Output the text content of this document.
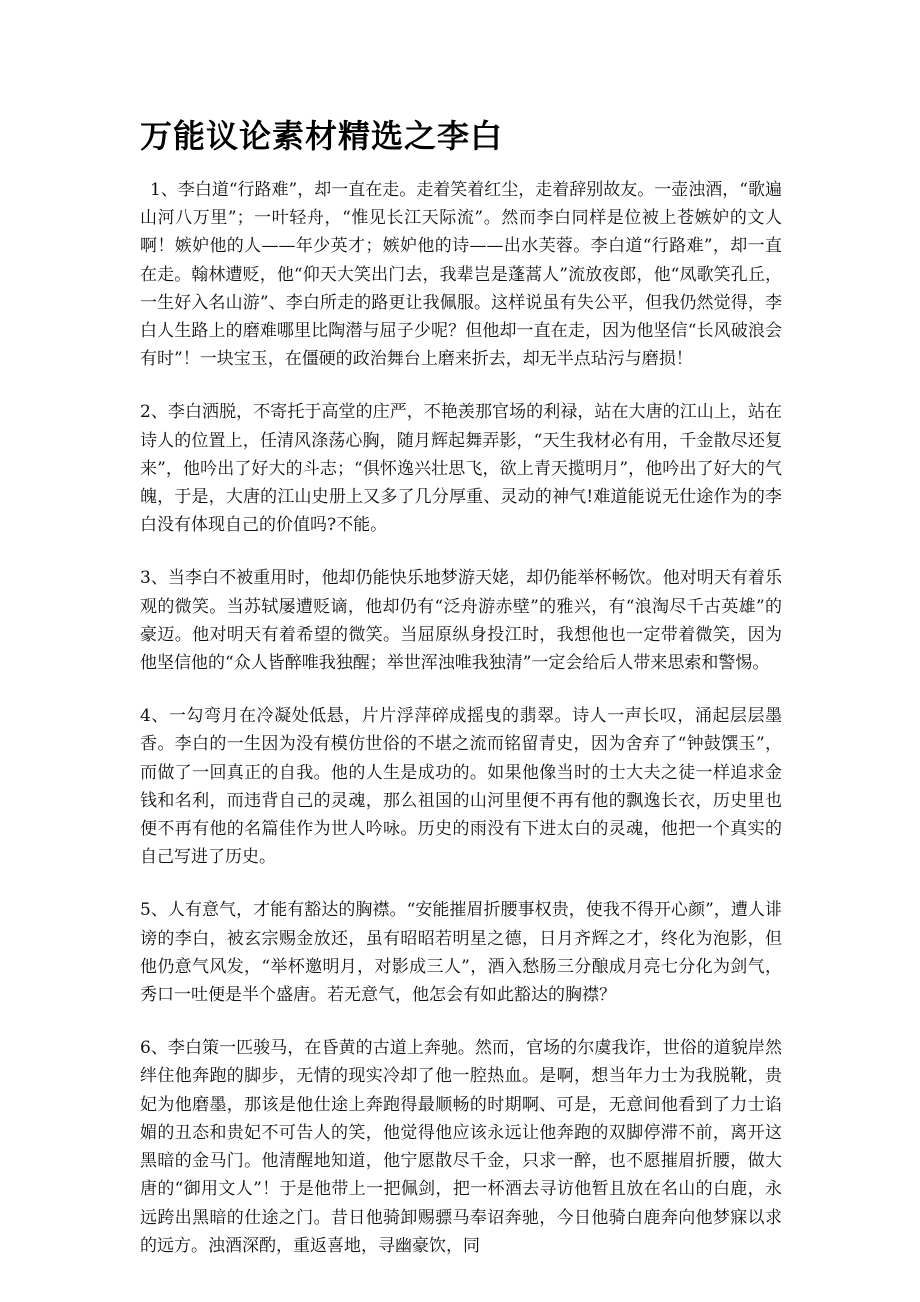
万能议论素材精选之李白

1、李白道“行路难”，却一直在走。走着笑着红尘，走着辞别故友。一壶浊酒，“歌遍山河八万里”；一叶轻舟，“惟见长江天际流”。然而李白同样是位被上苍嫉妒的文人啊！嫉妒他的人——年少英才；嫉妒他的诗——出水芙蓉。李白道“行路难”，却一直在走。翰林遭贬，他“仰天大笑出门去，我辈岂是蓬蒿人”流放夜郎，他“凤歌笑孔丘，一生好入名山游”、李白所走的路更让我佩服。这样说虽有失公平，但我仍然觉得，李白人生路上的磨难哪里比陶潜与屈子少呢？但他却一直在走，因为他坚信“长风破浪会有时”！一块宝玉，在僵硬的政治舞台上磨来折去，却无半点玷污与磨损！

2、李白洒脱，不寄托于高堂的庄严，不艳羡那官场的利禄，站在大唐的江山上，站在诗人的位置上，任清风涤荡心胸，随月辉起舞弄影，“天生我材必有用，千金散尽还复来”，他吟出了好大的斗志；“俱怀逸兴壮思飞，欲上青天揽明月”，他吟出了好大的气魄，于是，大唐的江山史册上又多了几分厚重、灵动的神气!难道能说无仕途作为的李白没有体现自己的价值吗?不能。

3、当李白不被重用时，他却仍能快乐地梦游天姥，却仍能举杯畅饮。他对明天有着乐观的微笑。当苏轼屡遭贬谪，他却仍有“泛舟游赤壁”的雅兴，有“浪淘尽千古英雄”的豪迈。他对明天有着希望的微笑。当屈原纵身投江时，我想他也一定带着微笑，因为他坚信他的“众人皆醉唯我独醒；举世浑浊唯我独清”一定会给后人带来思索和警惕。

4、一勾弯月在冷凝处低悬，片片浮萍碎成摇曳的翡翠。诗人一声长叹，涌起层层墨香。李白的一生因为没有模仿世俗的不堪之流而铭留青史，因为舍弃了“钟鼓馔玉”，而做了一回真正的自我。他的人生是成功的。如果他像当时的士大夫之徒一样追求金钱和名利，而违背自己的灵魂，那么祖国的山河里便不再有他的飘逸长衣，历史里也便不再有他的名篇佳作为世人吟咏。历史的雨没有下进太白的灵魂，他把一个真实的自己写进了历史。

5、人有意气，才能有豁达的胸襟。“安能摧眉折腰事权贵，使我不得开心颜”，遭人诽谤的李白，被玄宗赐金放还，虽有昭昭若明星之德，日月齐辉之才，终化为泡影，但他仍意气风发，“举杯邀明月，对影成三人”，酒入愁肠三分酿成月亮七分化为剑气，秀口一吐便是半个盛唐。若无意气，他怎会有如此豁达的胸襟？

6、李白策一匹骏马，在昏黄的古道上奔驰。然而，官场的尔虞我诈，世俗的道貌岸然绊住他奔跑的脚步，无情的现实冷却了他一腔热血。是啊，想当年力士为我脱靴，贵妃为他磨墨，那该是他仕途上奔跑得最顺畅的时期啊、可是，无意间他看到了力士谄媚的丑态和贵妃不可告人的笑，他觉得他应该永远让他奔跑的双脚停滞不前，离开这黑暗的金马门。他清醒地知道，他宁愿散尽千金，只求一醉，也不愿摧眉折腰，做大唐的“御用文人”！于是他带上一把佩剑，把一杯酒去寻访他暂且放在名山的白鹿，永远跨出黑暗的仕途之门。昔日他骑卸赐骠马奉诏奔驰，今日他骑白鹿奔向他梦寐以求的远方。浊酒深酌，重返喜地，寻幽豪饮，同
